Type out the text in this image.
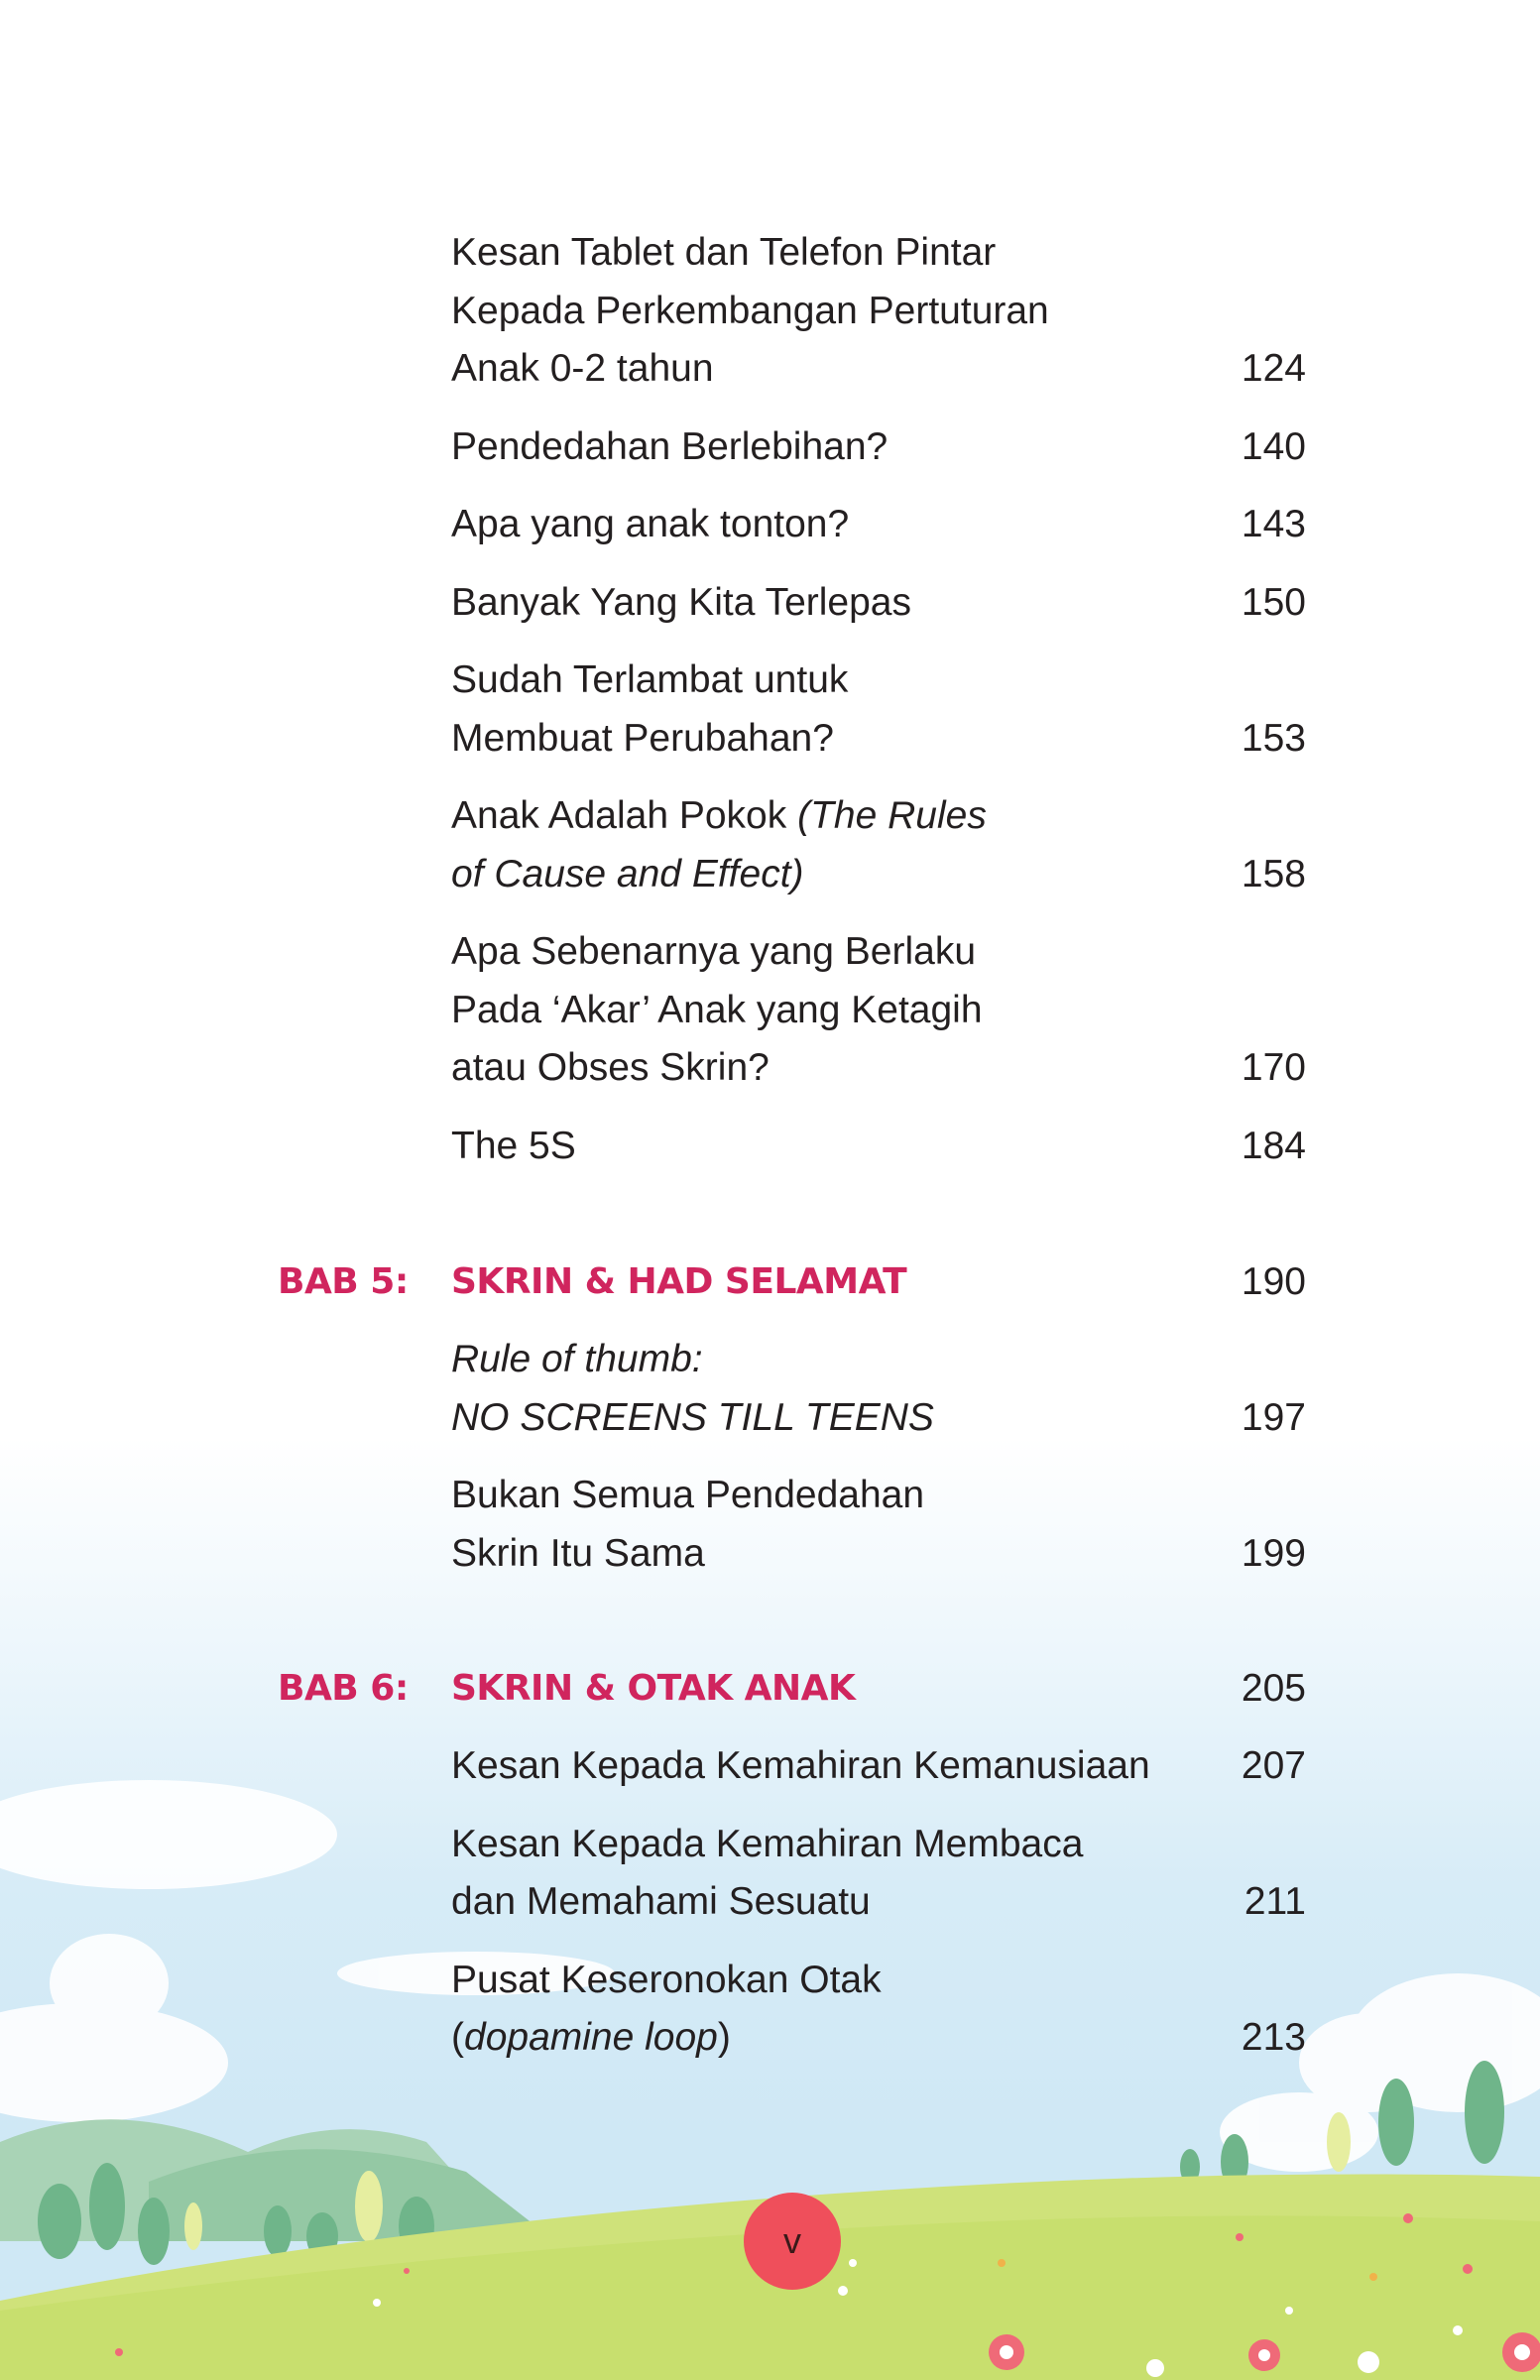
Kesan Tablet dan Telefon Pintar
Kepada Perkembangan Pertuturan
Anak 0-2 tahun	124
Pendedahan Berlebihan?	140
Apa yang anak tonton?	143
Banyak Yang Kita Terlepas	150
Sudah Terlambat untuk
Membuat Perubahan?	153
Anak Adalah Pokok (The Rules
of Cause and Effect)	158
Apa Sebenarnya yang Berlaku
Pada ‘Akar’ Anak yang Ketagih
atau Obses Skrin?	170
The 5S	184
BAB 5: SKRIN & HAD SELAMAT	190
Rule of thumb:
NO SCREENS TILL TEENS	197
Bukan Semua Pendedahan
Skrin Itu Sama	199
BAB 6: SKRIN & OTAK ANAK	205
Kesan Kepada Kemahiran Kemanusiaan	207
Kesan Kepada Kemahiran Membaca
dan Memahami Sesuatu	211
Pusat Keseronokan Otak
(dopamine loop)	213
v
